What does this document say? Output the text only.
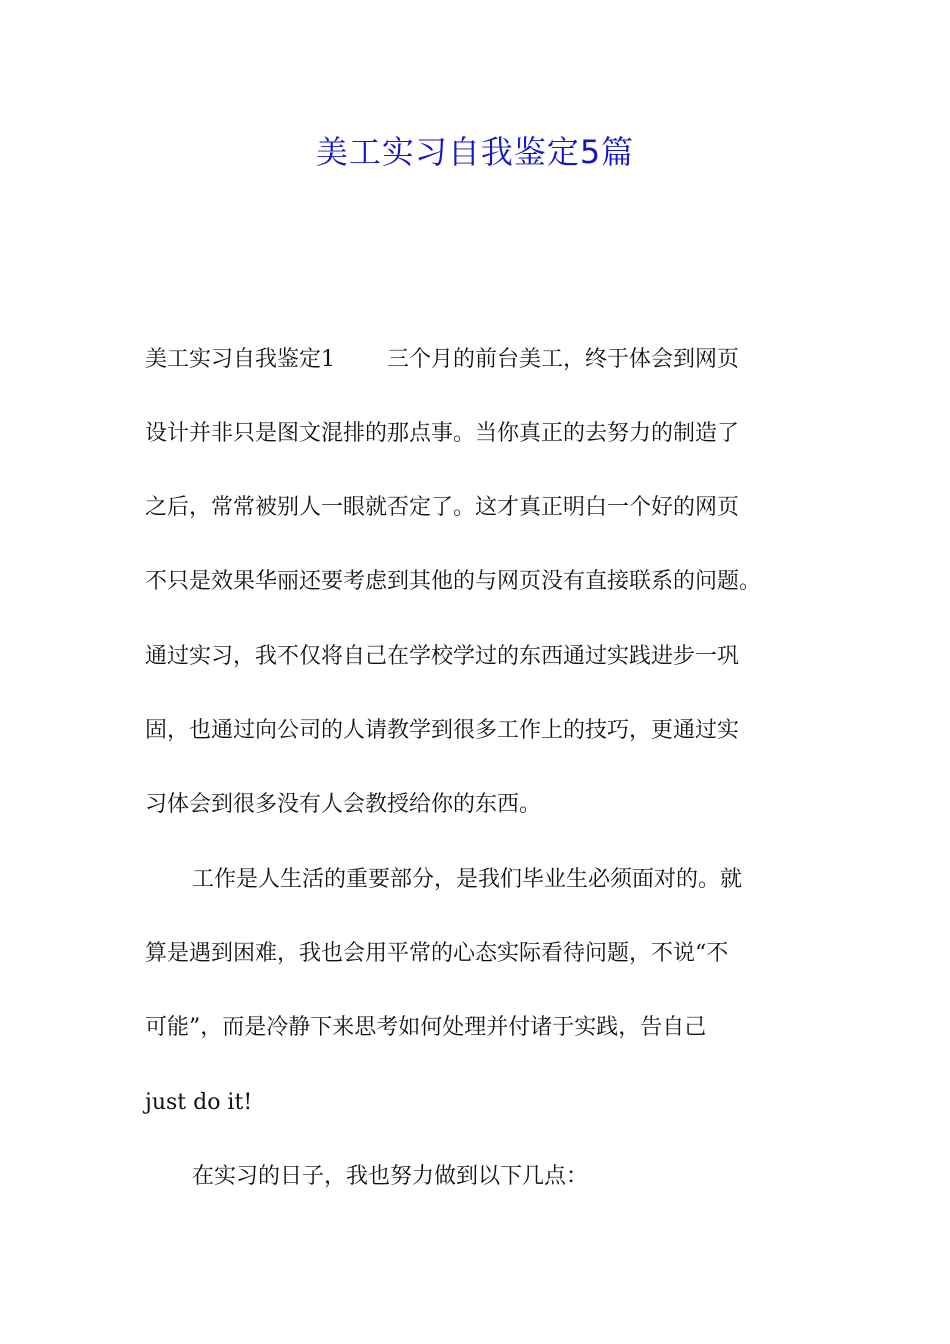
美工实习自我鉴定5篇
美工实习自我鉴定1 三个月的前台美工，终于体会到网页
设计并非只是图文混排的那点事。当你真正的去努力的制造了
之后，常常被别人一眼就否定了。这才真正明白一个好的网页
不只是效果华丽还要考虑到其他的与网页没有直接联系的问题。
通过实习，我不仅将自己在学校学过的东西通过实践进步一巩
固，也通过向公司的人请教学到很多工作上的技巧，更通过实
习体会到很多没有人会教授给你的东西。
工作是人生活的重要部分，是我们毕业生必须面对的。就
算是遇到困难，我也会用平常的心态实际看待问题，不说“不
可能”，而是冷静下来思考如何处理并付诸于实践，告自己
just do it!
在实习的日子，我也努力做到以下几点：
